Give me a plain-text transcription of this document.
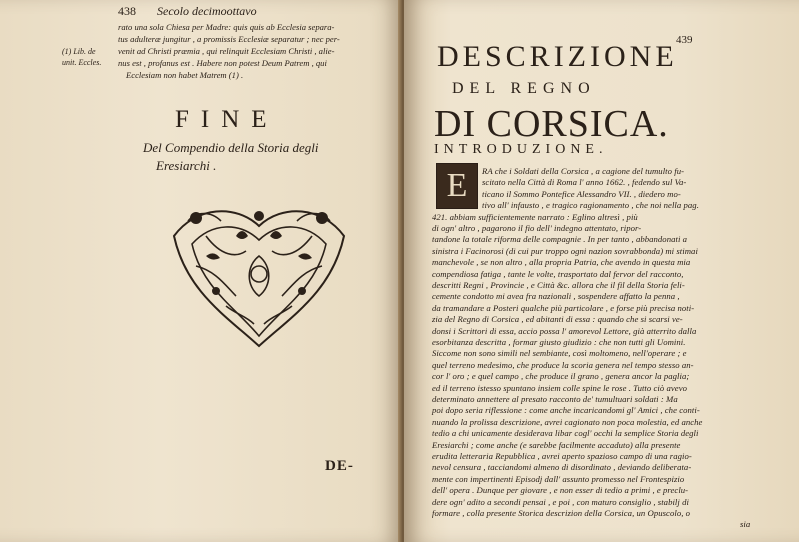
438 Secolo decimoottavo
rato una sola Chiesa per Madre: quis quis ab Ecclesia separa-
tus adulteræ jungitur , a promissis Ecclesiæ separatur ; nec per-
venit ad Christi præmia , qui relinquit Ecclesiam Christi , alie-
nus est , profanus est . Habere non potest Deum Patrem , qui
Ecclesiam non habet Matrem (1) .
(1) Lib. de
unit. Eccles.
FINE
Del Compendio della Storia degli
Eresiarchi .
DE-
439
DESCRIZIONE
DEL REGNO
DI CORSICA.
INTRODUZIONE.
E	RA che i Soldati della Corsica , a cagione del tumulto fu-
scitato nella Città di Roma l' anno 1662. , fedendo sul Va-
ticano il Sommo Pontefice Alessandro VII. , diedero mo-
tivo all' infausto , e tragico ragionamento , che noi nella pag.
421. abbiam sufficientemente narrato : Eglino altresì , più
di ogn' altro , pagarono il fio dell' indegno attentato, ripor-
tandone la totale riforma delle compagnie . In per tanto , abbandonati a
sinistra i Facinorosi (di cui pur troppo ogni nazion sovrabbonda) mi stimai
manchevole , se non altro , alla propria Patria, che avendo in questa mia
compendiosa fatiga , tante le volte, trasportato dal fervor del racconto,
descritti Regni , Provincie , e Città &c. allora che il fil della Storia feli-
cemente condotto mi avea fra nazionali , sospendere affatto la penna ,
da tramandare a Posteri qualche più particolare , e forse più precisa noti-
zia del Regno di Corsica , ed abitanti di essa : quando che si scarsi ve-
donsi i Scrittori di essa, accio possa l' amorevol Lettore, già atterrito dalla
esorbitanza descritta , formar giusto giudizio : che non tutti gli Uomini.
Siccome non sono simili nel sembiante, così moltomeno, nell'operare ; e
quel terreno medesimo, che produce la scoria genera nel tempo stesso an-
cor l' oro ; e quel campo , che produce il grano , genera ancor la paglia;
ed il terreno istesso spuntano insiem colle spine le rose . Tutto ciò avevo
determinato annettere al presato racconto de' tumultuari soldati : Ma
poi dopo seria riflessione : come anche incaricandomi gl' Amici , che conti-
nuando la prolissa descrizione, avrei cagionato non poca molestia, ed anche
tedio a chi unicamente desiderava libar cogl' occhi la semplice Storia degli
Eresiarchi ; come anche (e sarebbe facilmente accaduto) alla presente
erudita letteraria Repubblica , avrei aperto spazioso campo di una ragio-
nevol censura , tacciandomi almeno di disordinato , deviando deliberata-
mente con impertinenti Episodj dall' assunto promesso nel Frontespizio
dell' opera . Dunque per giovare , e non esser di tedio a primi , e preclu-
dere ogn' adito a secondi pensai , e poi , con maturo consiglio , stabilj di
formare , colla presente Storica descrizion della Corsica, un Opuscolo, o
sia
